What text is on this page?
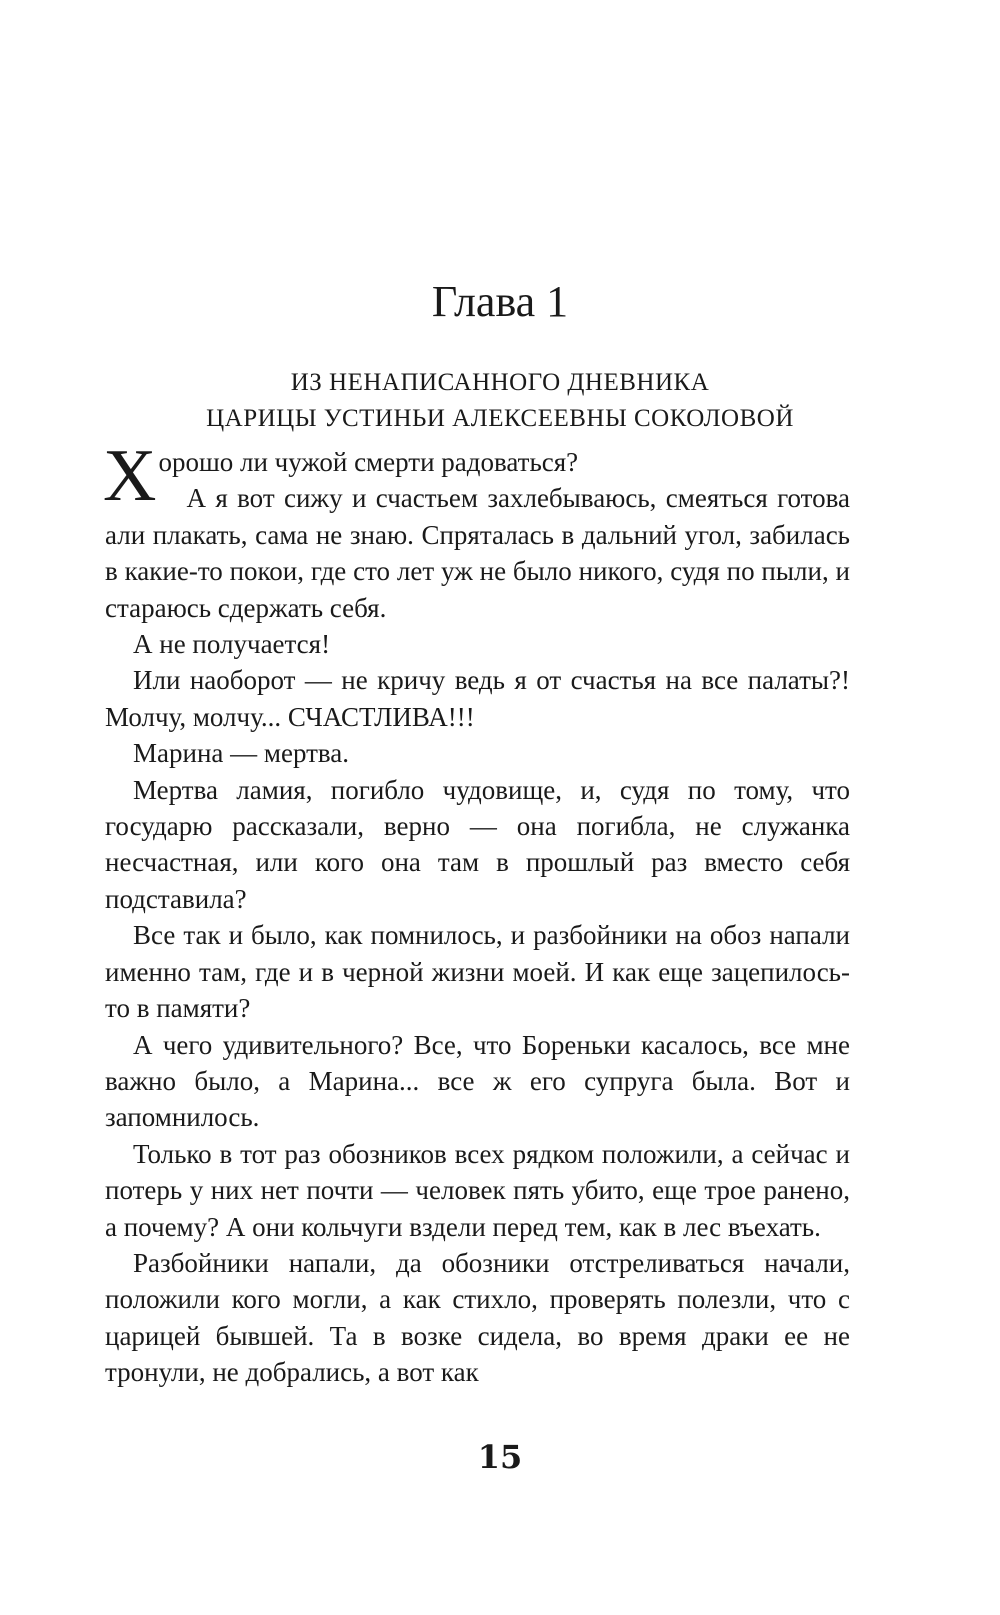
Глава 1
ИЗ НЕНАПИСАННОГО ДНЕВНИКА
ЦАРИЦЫ УСТИНЬИ АЛЕКСЕЕВНЫ СОКОЛОВОЙ

Хорошо ли чужой смерти радоваться?

А я вот сижу и счастьем захлебываюсь, смеяться готова али плакать, сама не знаю. Спряталась в дальний угол, забилась в какие-то покои, где сто лет уж не было никого, судя по пыли, и стараюсь сдержать себя.

А не получается!

Или наоборот — не кричу ведь я от счастья на все палаты?! Молчу, молчу... СЧАСТЛИВА!!!

Марина — мертва.

Мертва ламия, погибло чудовище, и, судя по тому, что государю рассказали, верно — она погибла, не служанка несчастная, или кого она там в прошлый раз вместо себя подставила?

Все так и было, как помнилось, и разбойники на обоз напали именно там, где и в черной жизни моей. И как еще зацепилось-то в памяти?

А чего удивительного? Все, что Бореньки касалось, все мне важно было, а Марина... все ж его супруга была. Вот и запомнилось.

Только в тот раз обозников всех рядком положили, а сейчас и потерь у них нет почти — человек пять убито, еще трое ранено, а почему? А они кольчуги вздели перед тем, как в лес въехать.

Разбойники напали, да обозники отстреливаться начали, положили кого могли, а как стихло, проверять полезли, что с царицей бывшей. Та в возке сидела, во время драки ее не тронули, не добрались, а вот как

15
